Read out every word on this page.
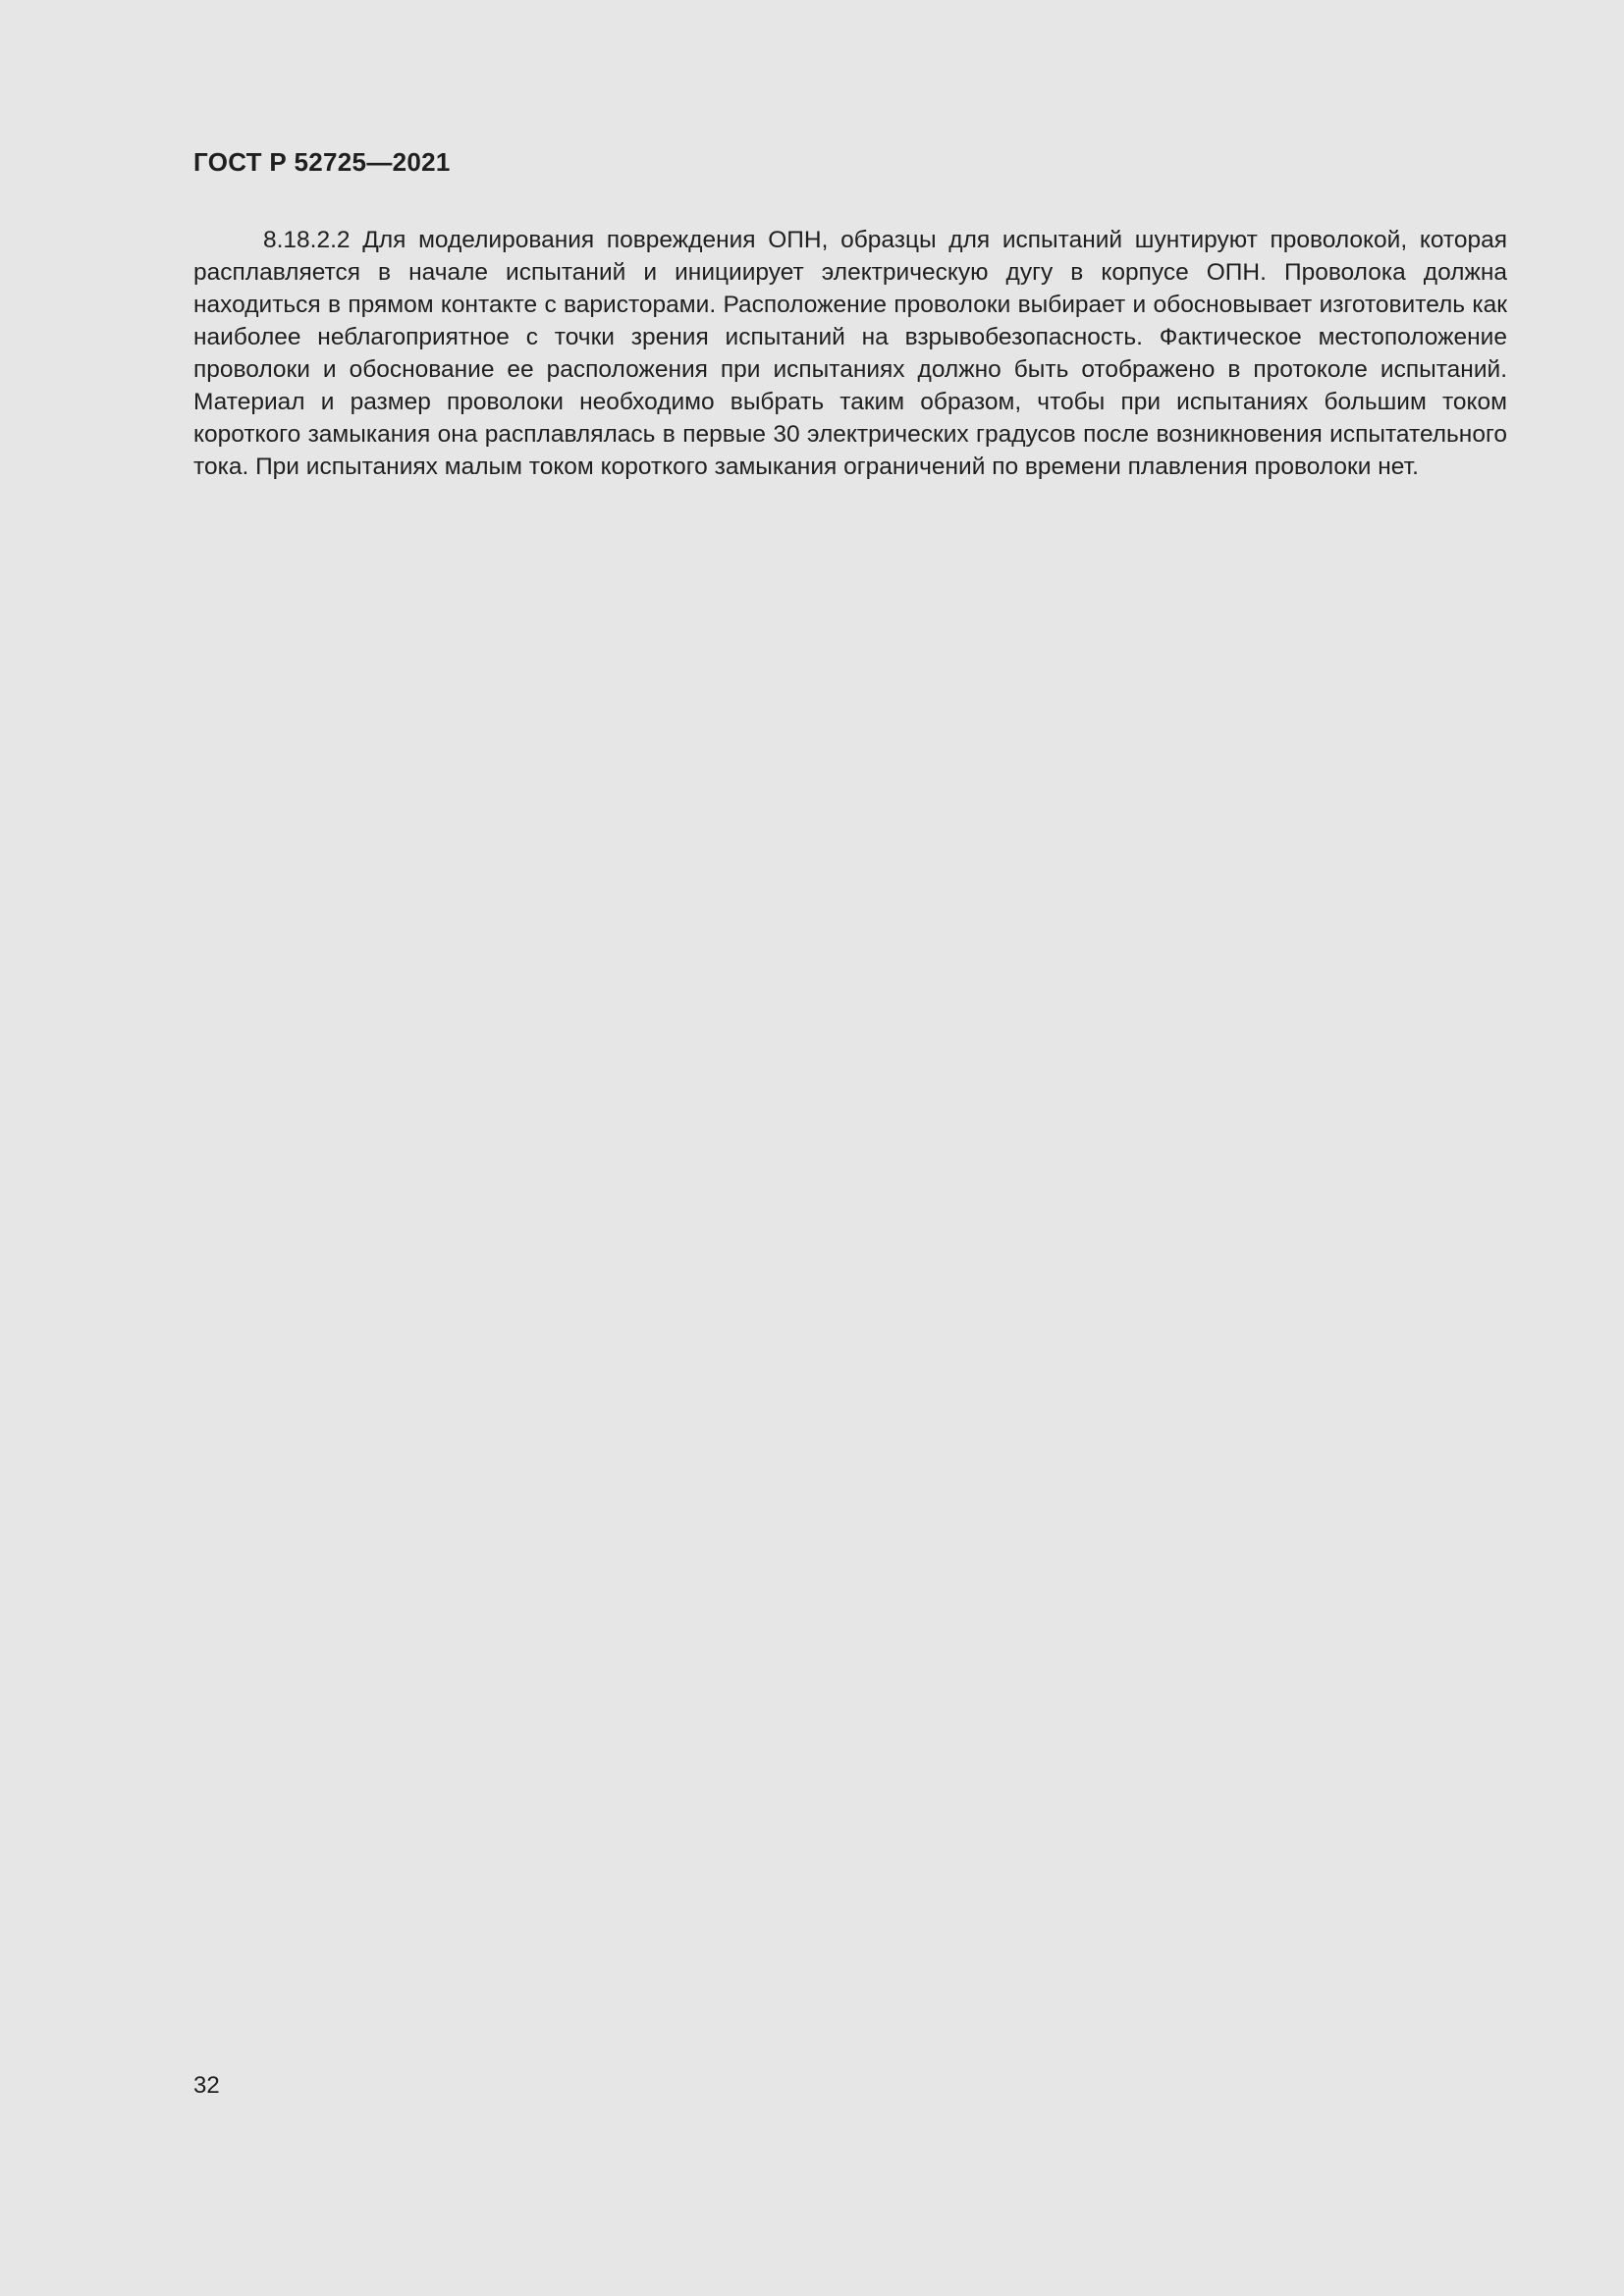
ГОСТ Р 52725—2021

8.18.2.2 Для моделирования повреждения ОПН, образцы для испытаний шунтируют проволокой, которая расплавляется в начале испытаний и инициирует электрическую дугу в корпусе ОПН. Проволока должна находиться в прямом контакте с варисторами. Расположение проволоки выбирает и обосновывает изготовитель как наиболее неблагоприятное с точки зрения испытаний на взрывобезопасность. Фактическое местоположение проволоки и обоснование ее расположения при испытаниях должно быть отображено в протоколе испытаний. Материал и размер проволоки необходимо выбрать таким образом, чтобы при испытаниях большим током короткого замыкания она расплавлялась в первые 30 электрических градусов после возникновения испытательного тока. При испытаниях малым током короткого замыкания ограничений по времени плавления проволоки нет.

32
